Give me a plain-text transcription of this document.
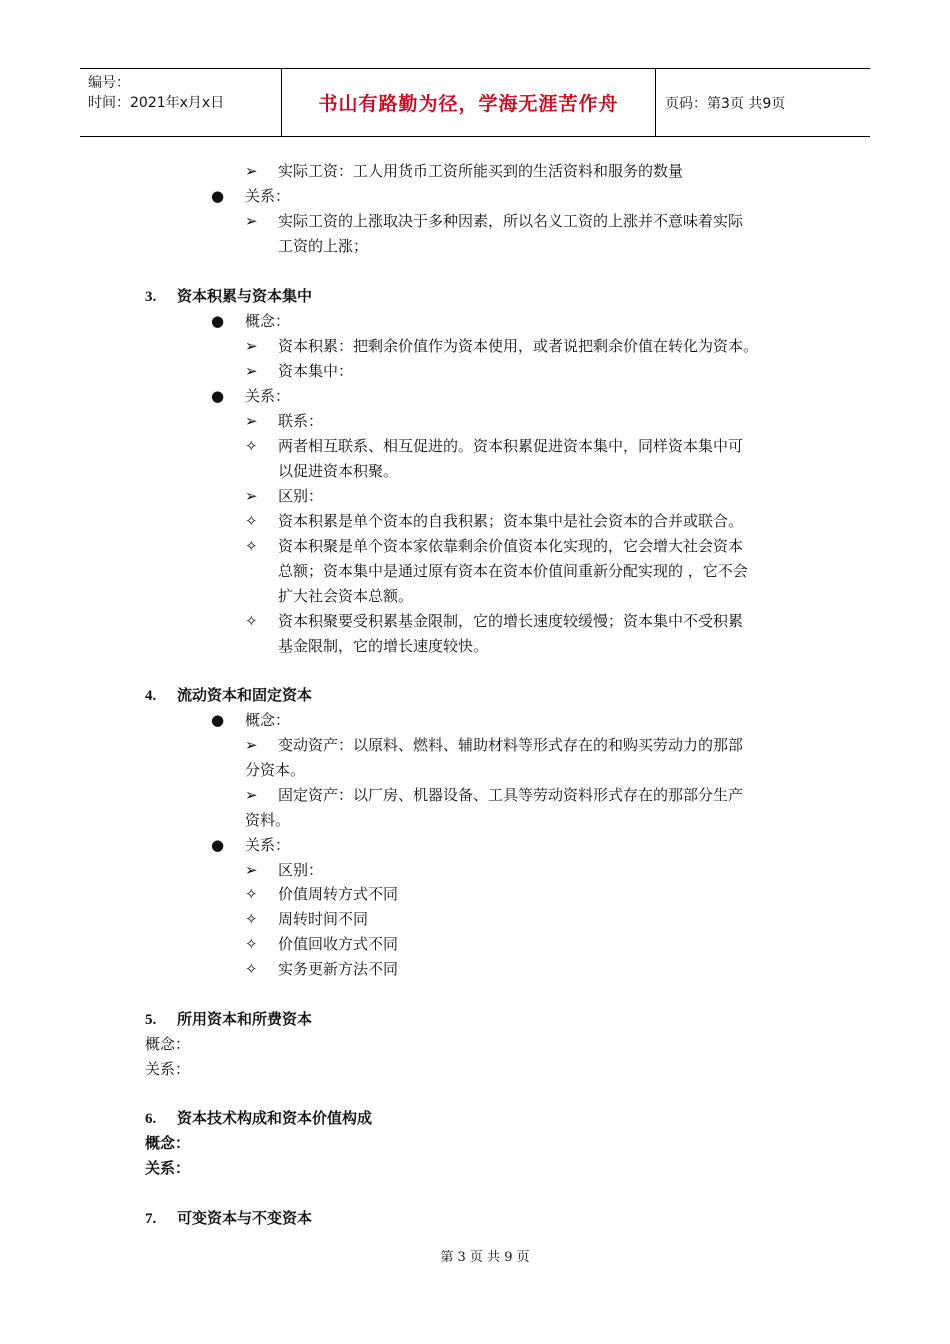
编号：
时间：2021年x月x日	书山有路勤为径，学海无涯苦作舟	页码：第3页 共9页
➢ 实际工资：工人用货币工资所能买到的生活资料和服务的数量
● 关系：
➢ 实际工资的上涨取决于多种因素，所以名义工资的上涨并不意味着实际
工资的上涨；
3. 资本积累与资本集中
● 概念：
➢ 资本积累：把剩余价值作为资本使用，或者说把剩余价值在转化为资本。
➢ 资本集中：
● 关系：
➢ 联系：
✧ 两者相互联系、相互促进的。资本积累促进资本集中，同样资本集中可
以促进资本积聚。
➢ 区别：
✧ 资本积累是单个资本的自我积累；资本集中是社会资本的合并或联合。
✧ 资本积聚是单个资本家依靠剩余价值资本化实现的，它会增大社会资本
总额；资本集中是通过原有资本在资本价值间重新分配实现的 ，它不会
扩大社会资本总额。
✧ 资本积聚要受积累基金限制，它的增长速度较缓慢；资本集中不受积累
基金限制，它的增长速度较快。
4. 流动资本和固定资本
● 概念：
➢ 变动资产：以原料、燃料、辅助材料等形式存在的和购买劳动力的那部
分资本。
➢ 固定资产：以厂房、机器设备、工具等劳动资料形式存在的那部分生产
资料。
● 关系：
➢ 区别：
✧ 价值周转方式不同
✧ 周转时间不同
✧ 价值回收方式不同
✧ 实务更新方法不同
5. 所用资本和所费资本
概念：
关系：
6. 资本技术构成和资本价值构成
概念：
关系：
7. 可变资本与不变资本
第 3 页 共 9 页
